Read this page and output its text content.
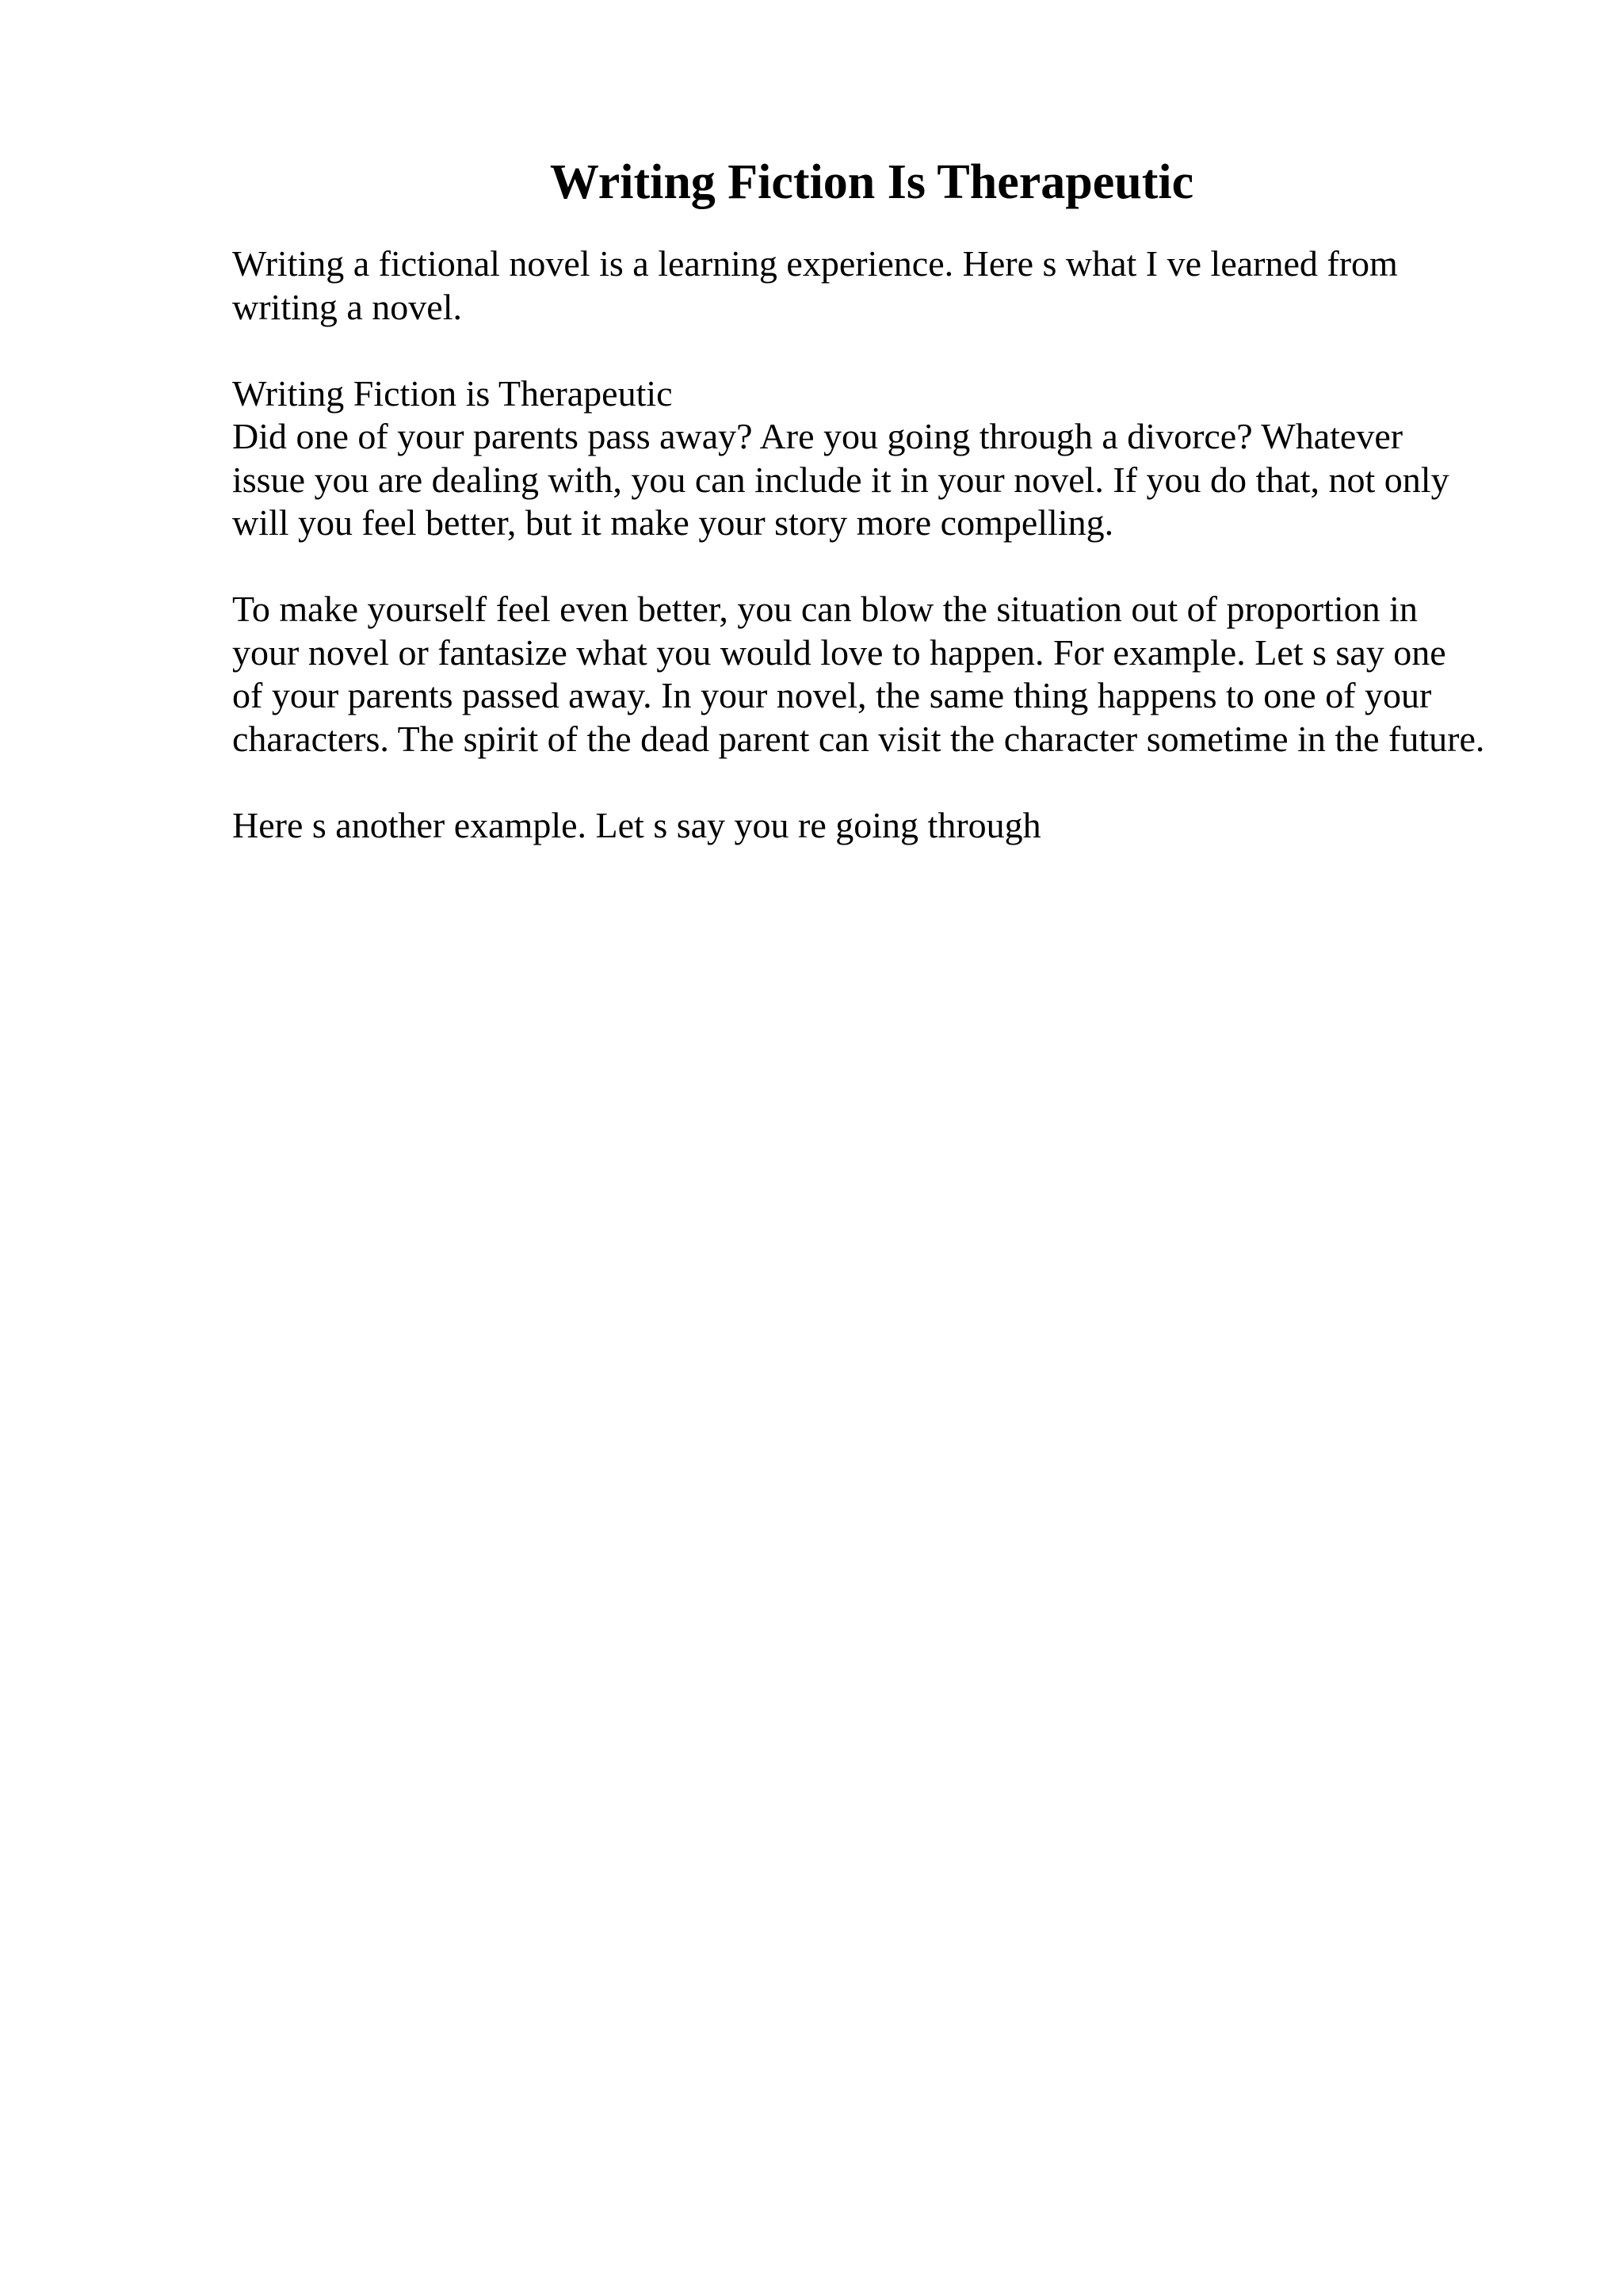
Writing Fiction Is Therapeutic

Writing a fictional novel is a learning experience. Here s what I ve learned from
writing a novel.

Writing Fiction is Therapeutic
Did one of your parents pass away? Are you going through a divorce? Whatever
issue you are dealing with, you can include it in your novel. If you do that, not only
will you feel better, but it make your story more compelling.

To make yourself feel even better, you can blow the situation out of proportion in
your novel or fantasize what you would love to happen. For example. Let s say one
of your parents passed away. In your novel, the same thing happens to one of your
characters. The spirit of the dead parent can visit the character sometime in the future.

Here s another example. Let s say you re going through
